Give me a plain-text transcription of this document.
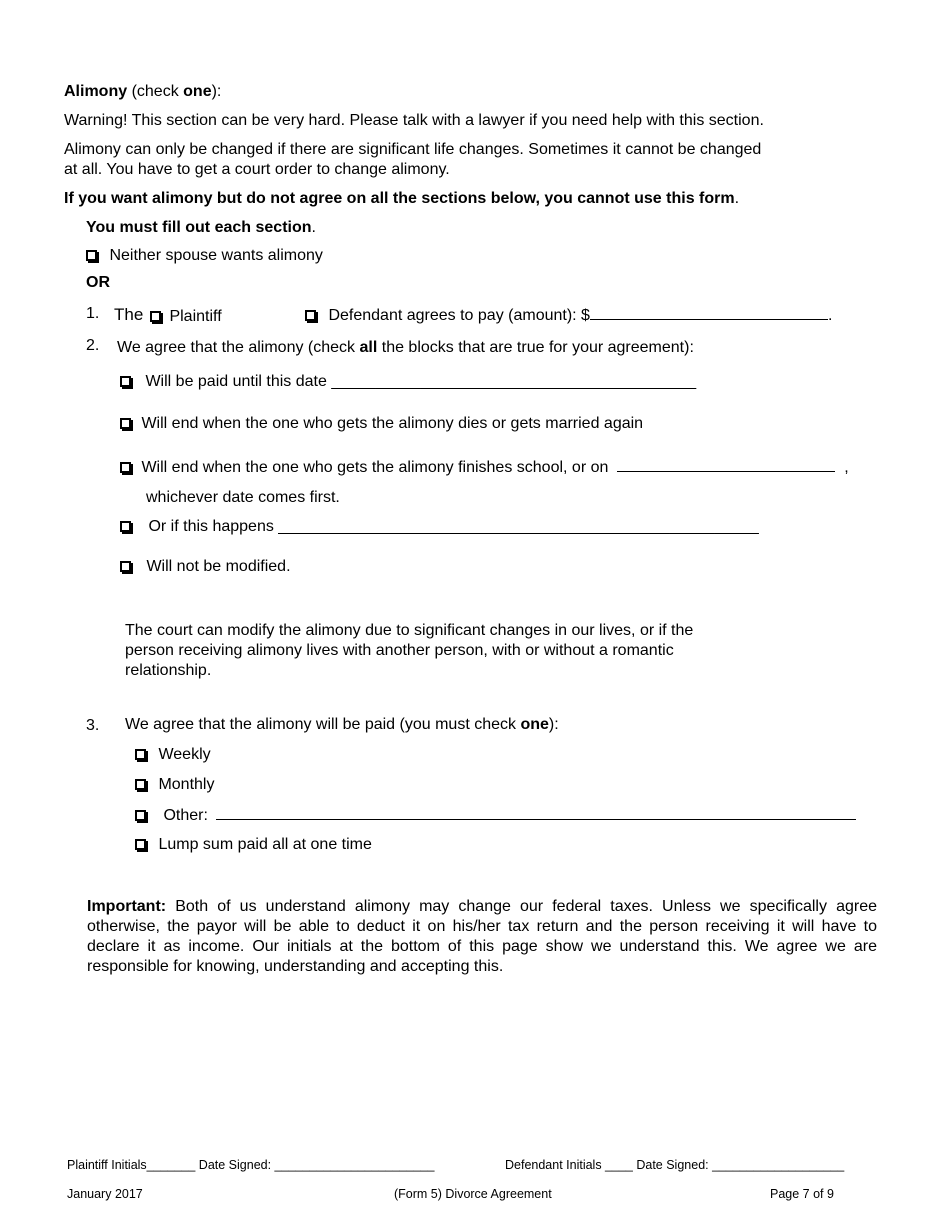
Alimony (check one):
Warning! This section can be very hard. Please talk with a lawyer if you need help with this section.
Alimony can only be changed if there are significant life changes. Sometimes it cannot be changed
at all. You have to get a court order to change alimony.
If you want alimony but do not agree on all the sections below, you cannot use this form.
You must fill out each section.
Neither spouse wants alimony
OR
1. The	Plaintiff	Defendant agrees to pay (amount): $	.
2. We agree that the alimony (check all the blocks that are true for your agreement):
Will be paid until this date _________________________________________
Will end when the one who gets the alimony dies or gets married again
Will end when the one who gets the alimony finishes school, or on	,
whichever date comes first.
Or if this happens ______________________________________________________
Will not be modified.
The court can modify the alimony due to significant changes in our lives, or if the
person receiving alimony lives with another person, with or without a romantic
relationship.
3. We agree that the alimony will be paid (you must check one):
Weekly
Monthly
Other:
Lump sum paid all at one time
Important: Both of us understand alimony may change our federal taxes. Unless we specifically agree
otherwise, the payor will be able to deduct it on his/her tax return and the person receiving it will have to
declare it as income. Our initials at the bottom of this page show we understand this. We agree we are
responsible for knowing, understanding and accepting this.
Plaintiff Initials_______ Date Signed: _______________________	Defendant Initials ____ Date Signed: ___________________
January 2017	(Form 5) Divorce Agreement	Page 7 of 9
